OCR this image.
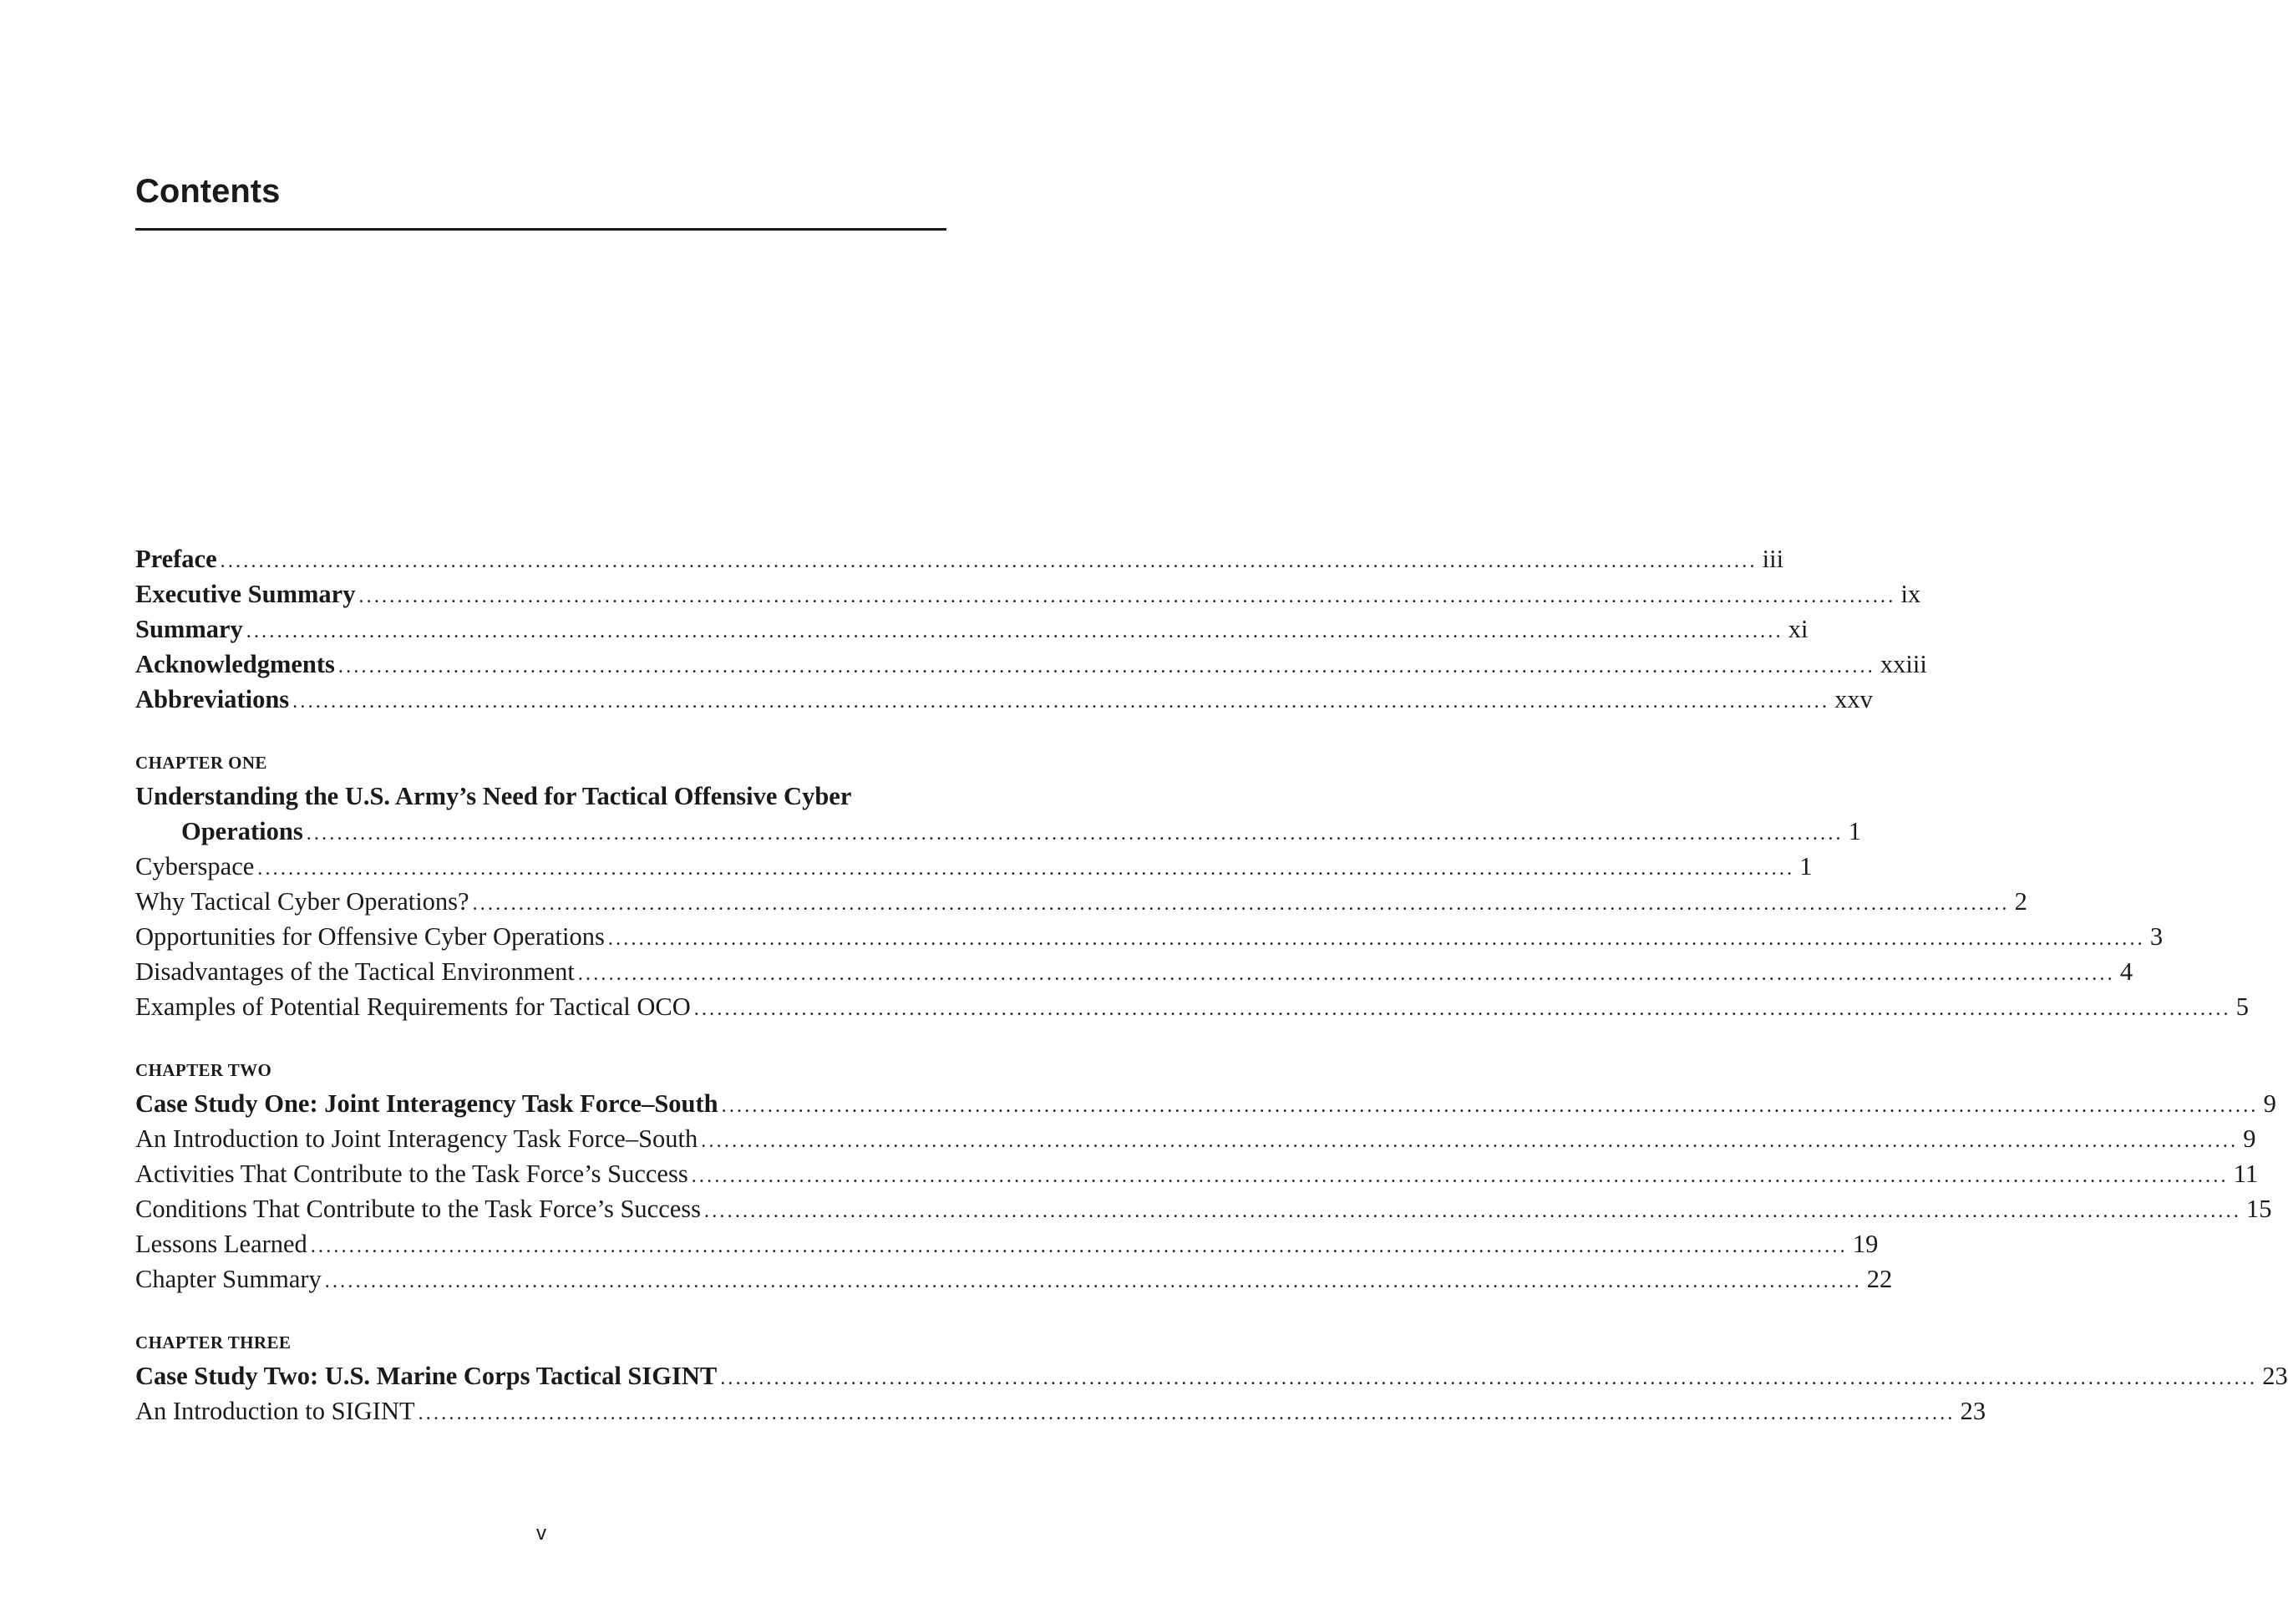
Contents
Preface ........................................................................................................................................................................................................ iii
Executive Summary ........................................................................................................................................................................................................ ix
Summary ........................................................................................................................................................................................................ xi
Acknowledgments ........................................................................................................................................................................................................ xxiii
Abbreviations ........................................................................................................................................................................................................ xxv
CHAPTER ONE
Understanding the U.S. Army’s Need for Tactical Offensive Cyber
Operations ........................................................................................................................................................................................................ 1
Cyberspace ........................................................................................................................................................................................................ 1
Why Tactical Cyber Operations? ........................................................................................................................................................................................................ 2
Opportunities for Offensive Cyber Operations ........................................................................................................................................................................................................ 3
Disadvantages of the Tactical Environment ........................................................................................................................................................................................................ 4
Examples of Potential Requirements for Tactical OCO ........................................................................................................................................................................................................ 5
CHAPTER TWO
Case Study One: Joint Interagency Task Force–South ........................................................................................................................................................................................................ 9
An Introduction to Joint Interagency Task Force–South ........................................................................................................................................................................................................ 9
Activities That Contribute to the Task Force’s Success ........................................................................................................................................................................................................ 11
Conditions That Contribute to the Task Force’s Success ........................................................................................................................................................................................................ 15
Lessons Learned ........................................................................................................................................................................................................ 19
Chapter Summary ........................................................................................................................................................................................................ 22
CHAPTER THREE
Case Study Two: U.S. Marine Corps Tactical SIGINT ........................................................................................................................................................................................................ 23
An Introduction to SIGINT ........................................................................................................................................................................................................ 23
v
